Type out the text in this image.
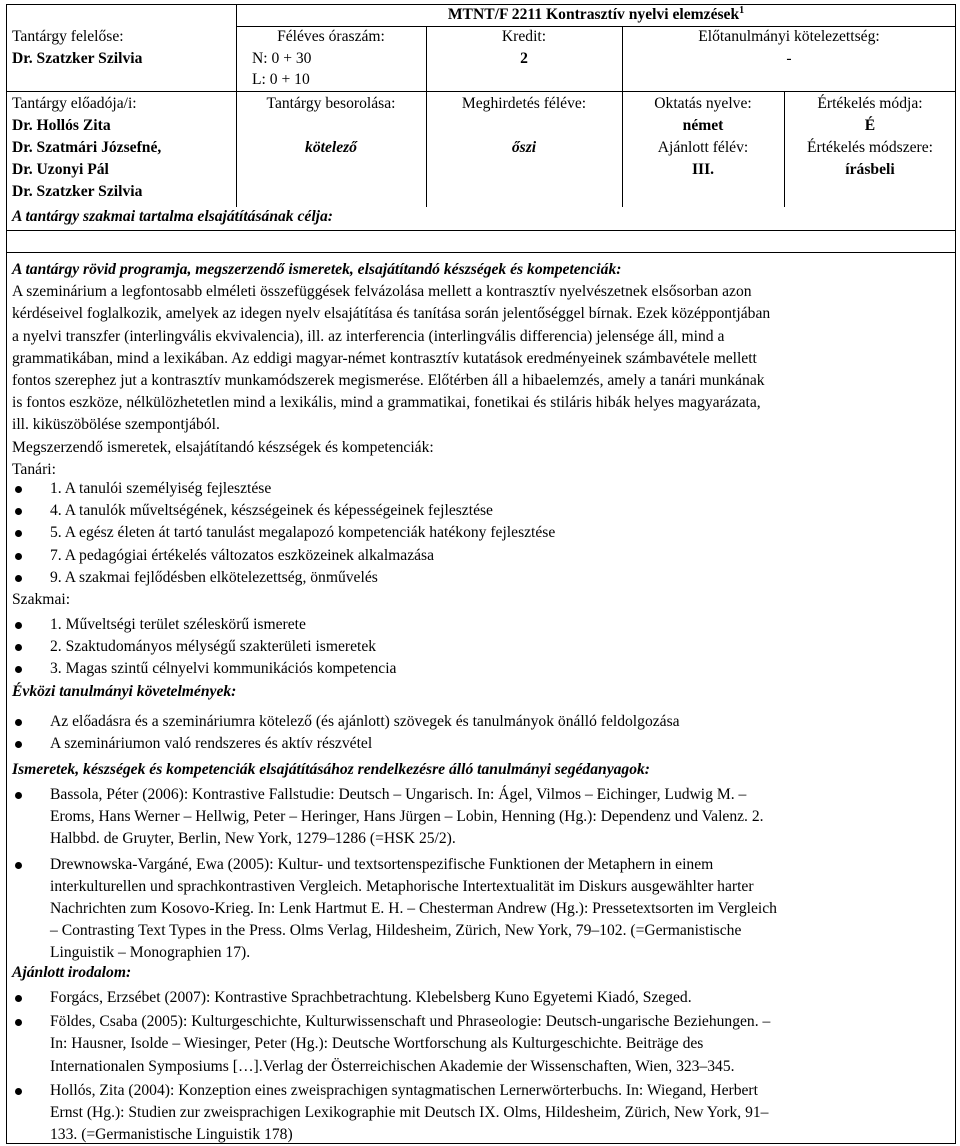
MTNT/F 2211 Kontrasztív nyelvi elemzések$^1$
Tantárgy felelőse:
Dr. Szatzker Szilvia
Féléves óraszám:
N: 0 + 30
L: 0 + 10
Kredit:
2
Előtanulmányi kötelezettség:
-
Tantárgy előadója/i:
Dr. Hollós Zita
Dr. Szatmári Józsefné,
Dr. Uzonyi Pál
Dr. Szatzker Szilvia
Tantárgy besorolása:
kötelező
Meghirdetés féléve:
őszi
Oktatás nyelve:
német
Ajánlott félév:
III.
Értékelés módja:
É
Értékelés módszere:
írásbeli
A tantárgy szakmai tartalma elsajátításának célja:

A tantárgy rövid programja, megszerzendő ismeretek, elsajátítandó készségek és kompetenciák:

A szeminárium a legfontosabb elméleti összefüggések felvázolása mellett a kontrasztív nyelvészetnek elsősorban azon

kérdéseivel foglalkozik, amelyek az idegen nyelv elsajátítása és tanítása során jelentőséggel bírnak. Ezek középpontjában

a nyelvi transzfer (interlingvális ekvivalencia), ill. az interferencia (interlingvális differencia) jelensége áll, mind a

grammatikában, mind a lexikában. Az eddigi magyar-német kontrasztív kutatások eredményeinek számbavétele mellett

fontos szerephez jut a kontrasztív munkamódszerek megismerése. Előtérben áll a hibaelemzés, amely a tanári munkának

is fontos eszköze, nélkülözhetetlen mind a lexikális, mind a grammatikai, fonetikai és stiláris hibák helyes magyarázata,

ill. kiküszöbölése szempontjából.

Megszerzendő ismeretek, elsajátítandó készségek és kompetenciák:

Tanári:

1. A tanulói személyiség fejlesztése
4. A tanulók műveltségének, készségeinek és képességeinek fejlesztése
5. A egész életen át tartó tanulást megalapozó kompetenciák hatékony fejlesztése
7. A pedagógiai értékelés változatos eszközeinek alkalmazása
9. A szakmai fejlődésben elkötelezettség, önművelés

Szakmai:

1. Műveltségi terület széleskörű ismerete
2. Szaktudományos mélységű szakterületi ismeretek
3. Magas szintű célnyelvi kommunikációs kompetencia

Évközi tanulmányi követelmények:

Az előadásra és a szemináriumra kötelező (és ajánlott) szövegek és tanulmányok önálló feldolgozása
A szemináriumon való rendszeres és aktív részvétel

Ismeretek, készségek és kompetenciák elsajátításához rendelkezésre álló tanulmányi segédanyagok:

Bassola, Péter (2006): Kontrastive Fallstudie: Deutsch – Ungarisch. In: Ágel, Vilmos – Eichinger, Ludwig M. –
Eroms, Hans Werner – Hellwig, Peter – Heringer, Hans Jürgen – Lobin, Henning (Hg.): Dependenz und Valenz. 2.
Halbbd. de Gruyter, Berlin, New York, 1279–1286 (=HSK 25/2).
Drewnowska-Vargáné, Ewa (2005): Kultur- und textsortenspezifische Funktionen der Metaphern in einem
interkulturellen und sprachkontrastiven Vergleich. Metaphorische Intertextualität im Diskurs ausgewählter harter
Nachrichten zum Kosovo-Krieg. In: Lenk Hartmut E. H. – Chesterman Andrew (Hg.): Pressetextsorten im Vergleich
– Contrasting Text Types in the Press. Olms Verlag, Hildesheim, Zürich, New York, 79–102. (=Germanistische
Linguistik – Monographien 17).

Ajánlott irodalom:

Forgács, Erzsébet (2007): Kontrastive Sprachbetrachtung. Klebelsberg Kuno Egyetemi Kiadó, Szeged.
Földes, Csaba (2005): Kulturgeschichte, Kulturwissenschaft und Phraseologie: Deutsch-ungarische Beziehungen. –
In: Hausner, Isolde – Wiesinger, Peter (Hg.): Deutsche Wortforschung als Kulturgeschichte. Beiträge des
Internationalen Symposiums […].Verlag der Österreichischen Akademie der Wissenschaften, Wien, 323–345.
Hollós, Zita (2004): Konzeption eines zweisprachigen syntagmatischen Lernerwörterbuchs. In: Wiegand, Herbert
Ernst (Hg.): Studien zur zweisprachigen Lexikographie mit Deutsch IX. Olms, Hildesheim, Zürich, New York, 91–
133. (=Germanistische Linguistik 178)
